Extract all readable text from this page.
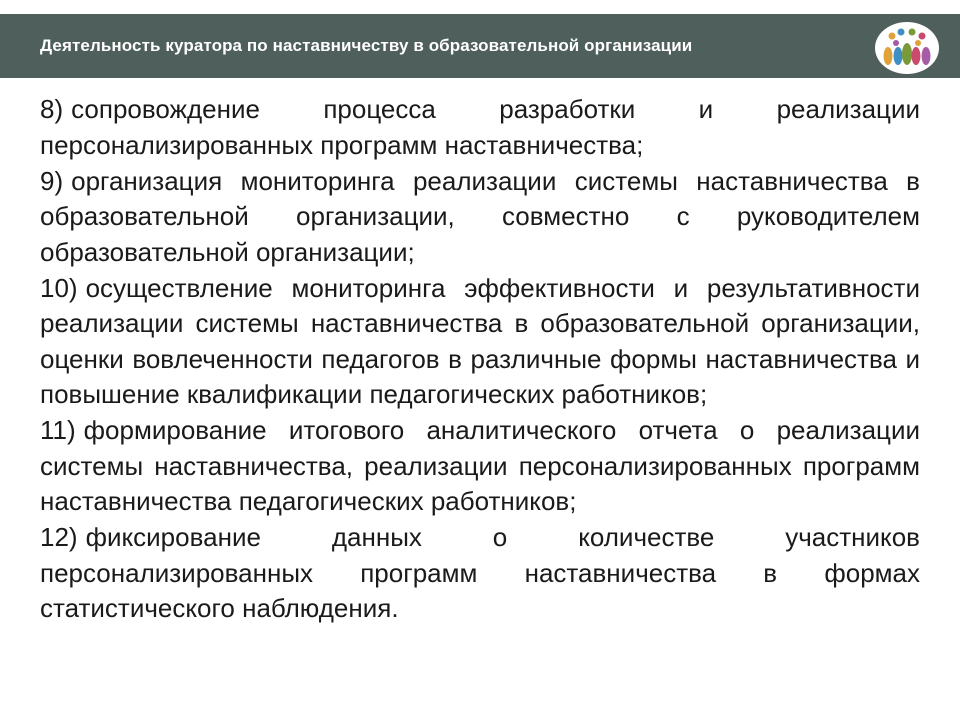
Деятельность куратора по наставничеству в образовательной организации

8) сопровождение процесса разработки и реализации персонализированных программ наставничества;

9) организация мониторинга реализации системы наставничества в образовательной организации, совместно с руководителем образовательной организации;

10) осуществление мониторинга эффективности и результативности реализации системы наставничества в образовательной организации, оценки вовлеченности педагогов в различные формы наставничества и повышение квалификации педагогических работников;

11) формирование итогового аналитического отчета о реализации системы наставничества, реализации персонализированных программ наставничества педагогических работников;

12) фиксирование данных о количестве участников персонализированных программ наставничества в формах статистического наблюдения.
